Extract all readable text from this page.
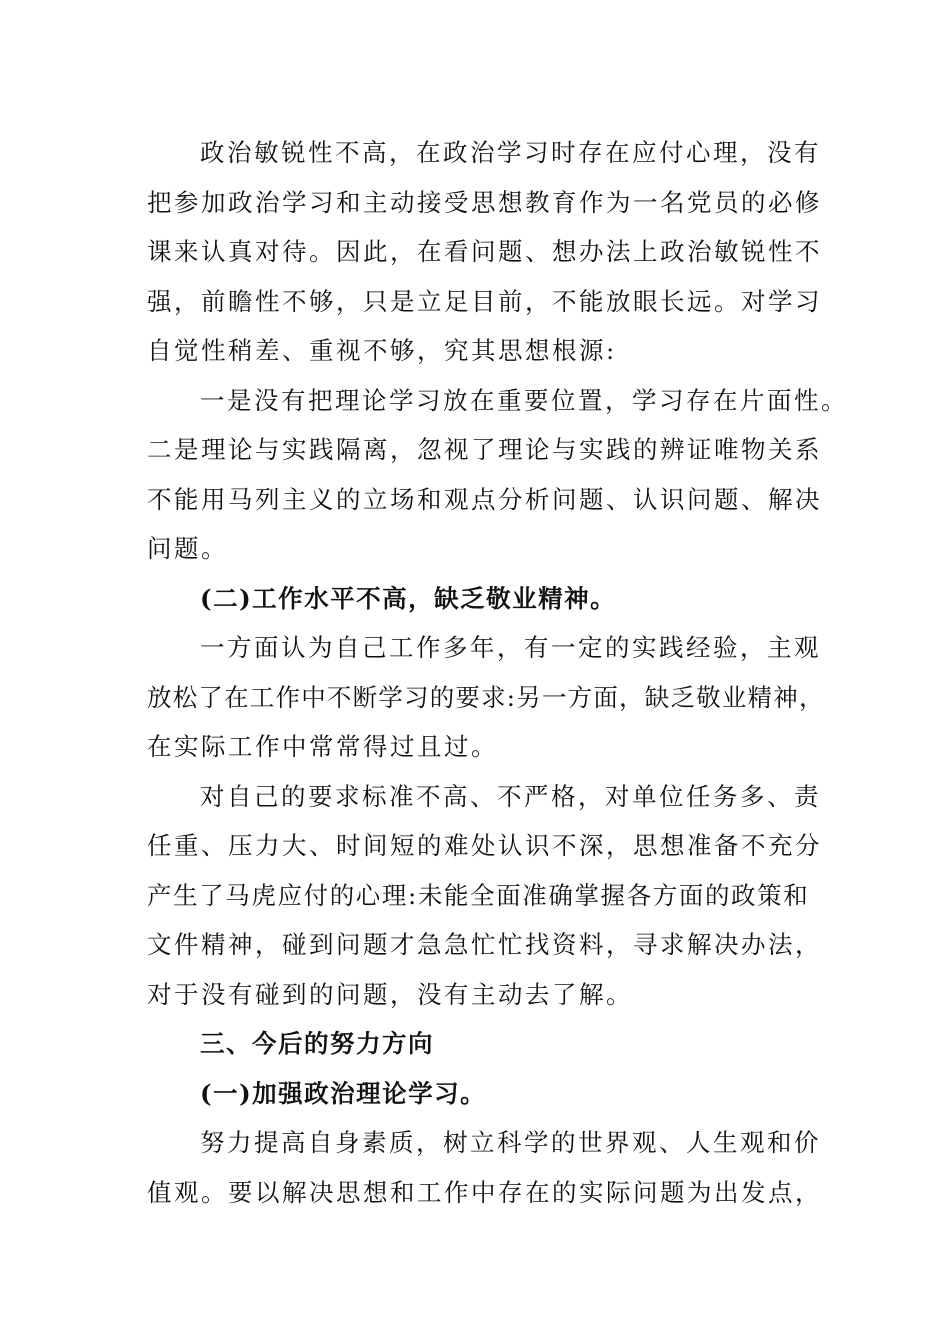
政治敏锐性不高，在政治学习时存在应付心理，没有
把参加政治学习和主动接受思想教育作为一名党员的必修
课来认真对待。因此，在看问题、想办法上政治敏锐性不
强，前瞻性不够，只是立足目前，不能放眼长远。对学习
自觉性稍差、重视不够，究其思想根源:

一是没有把理论学习放在重要位置，学习存在片面性。
二是理论与实践隔离，忽视了理论与实践的辨证唯物关系
不能用马列主义的立场和观点分析问题、认识问题、解决
问题。

(二)工作水平不高，缺乏敬业精神。

一方面认为自己工作多年，有一定的实践经验，主观
放松了在工作中不断学习的要求:另一方面，缺乏敬业精神，
在实际工作中常常得过且过。

对自己的要求标准不高、不严格，对单位任务多、责
任重、压力大、时间短的难处认识不深，思想准备不充分
产生了马虎应付的心理:未能全面准确掌握各方面的政策和
文件精神，碰到问题才急急忙忙找资料，寻求解决办法，
对于没有碰到的问题，没有主动去了解。

三、今后的努力方向

(一)加强政治理论学习。

努力提高自身素质，树立科学的世界观、人生观和价
值观。要以解决思想和工作中存在的实际问题为出发点，
